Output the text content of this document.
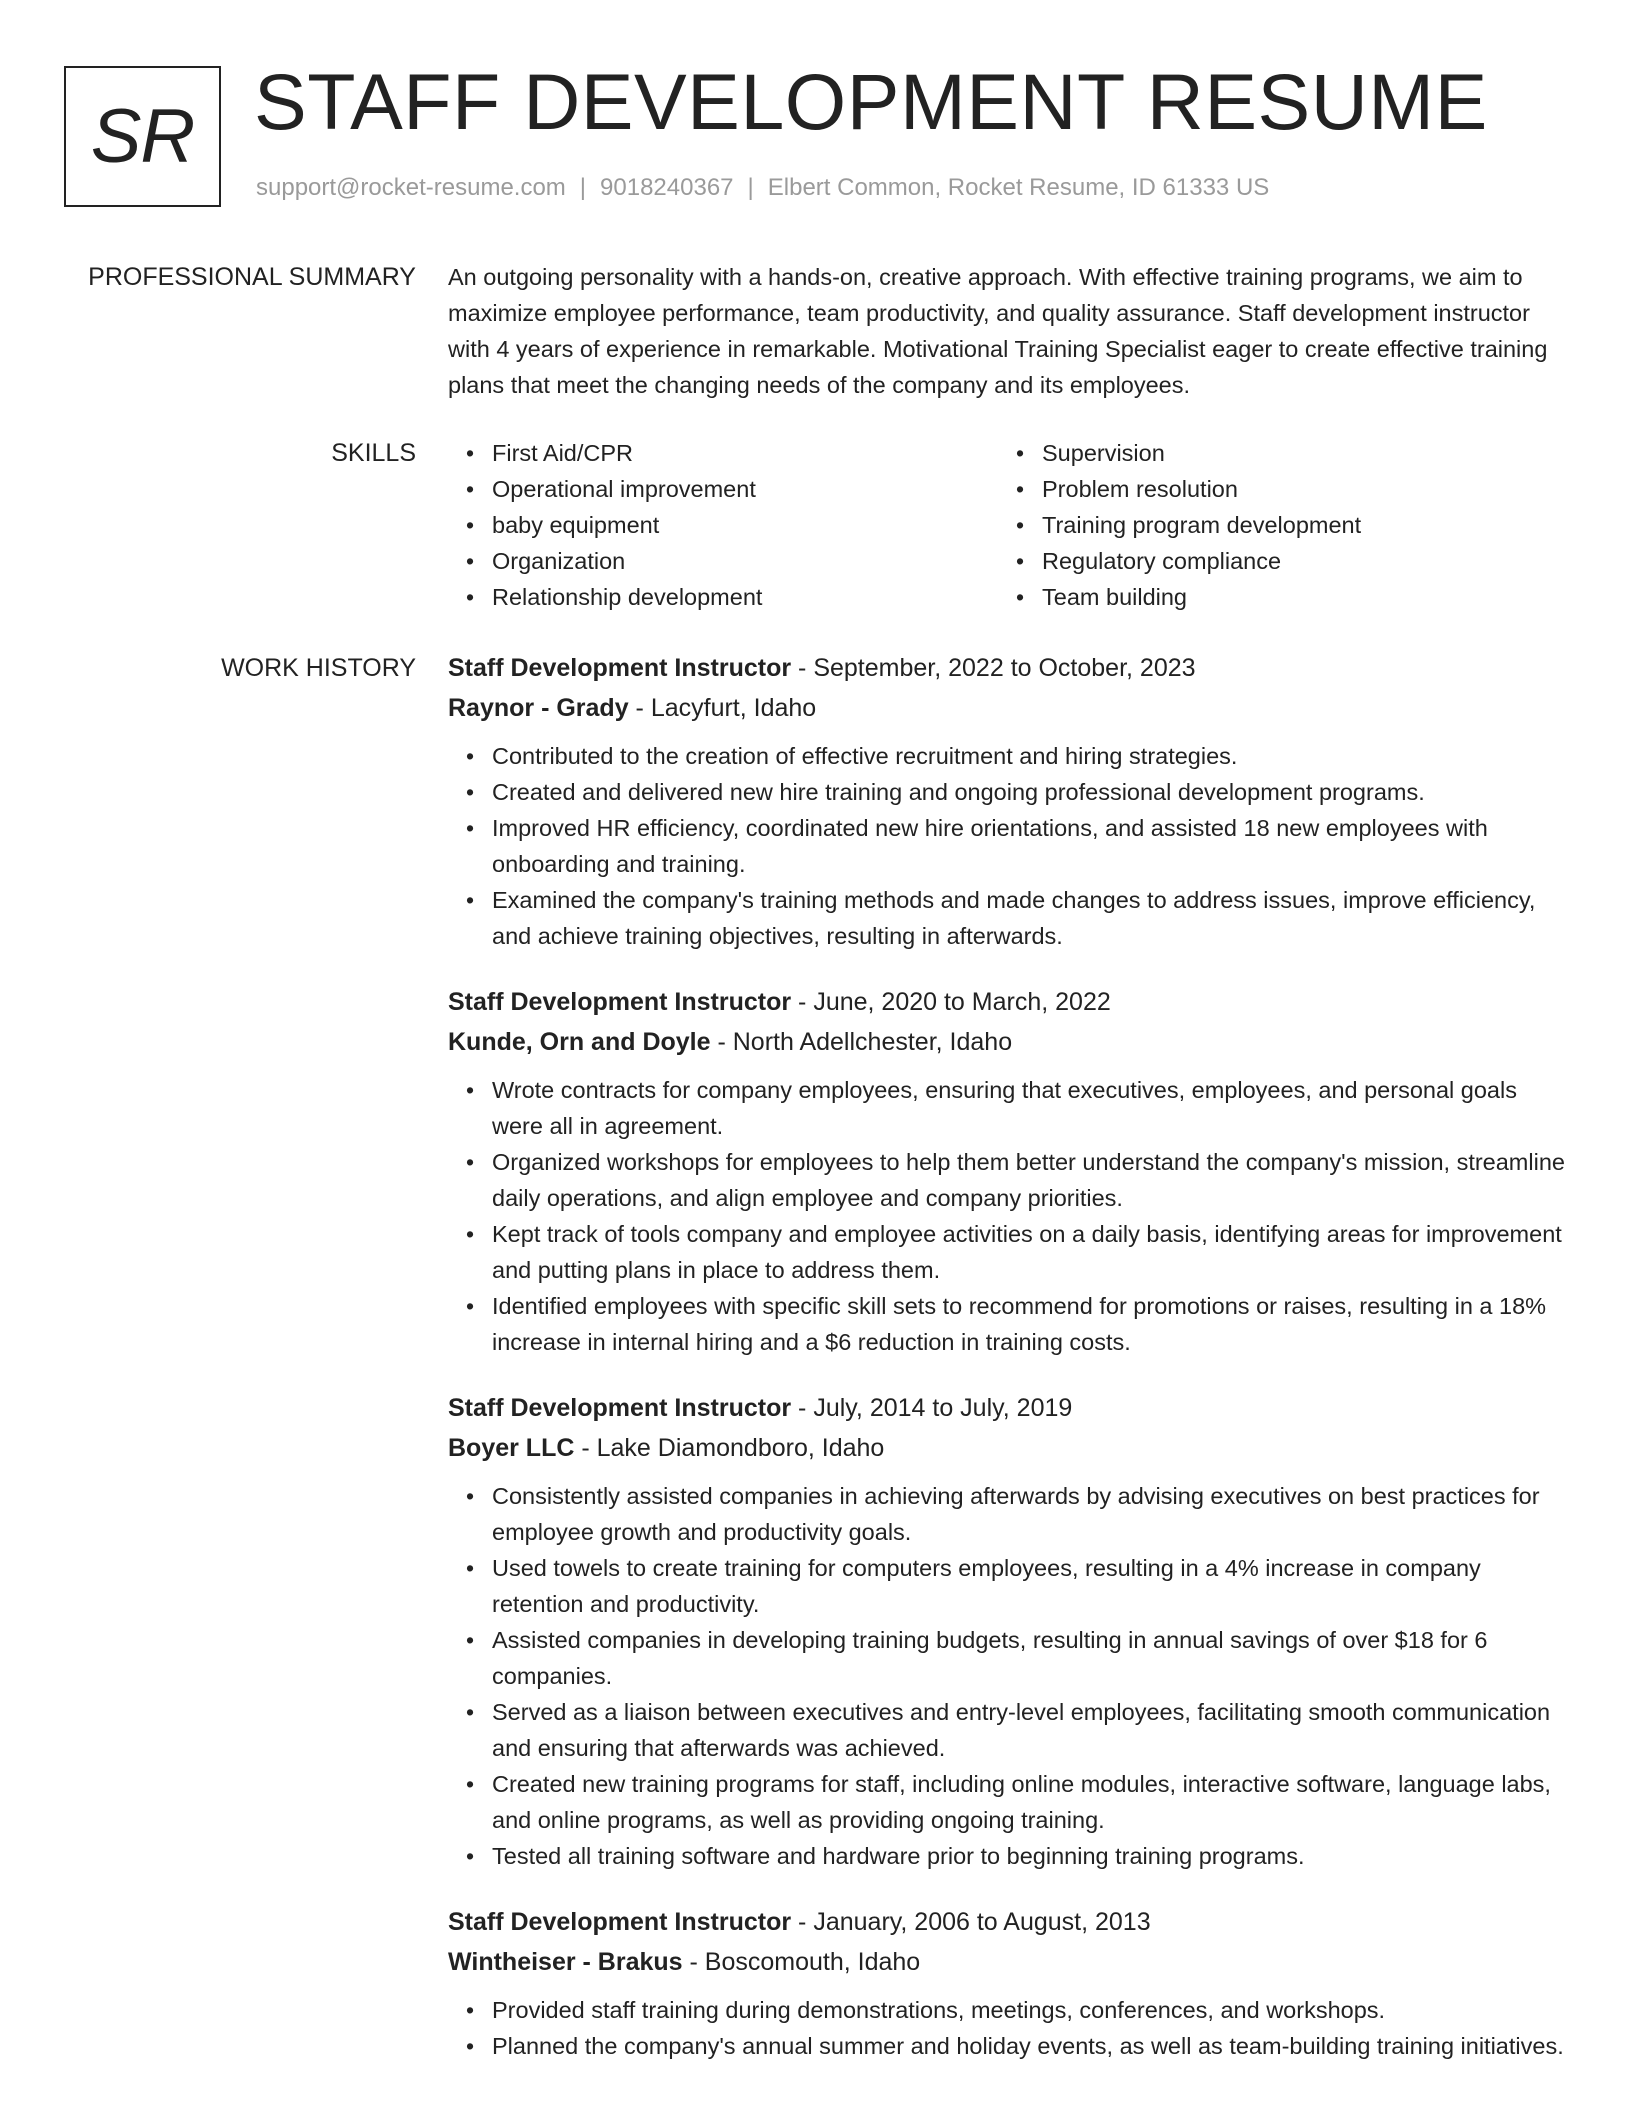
SR STAFF DEVELOPMENT RESUME
support@rocket-resume.com | 9018240367 | Elbert Common, Rocket Resume, ID 61333 US
PROFESSIONAL SUMMARY An outgoing personality with a hands-on, creative approach. With effective training programs, we aim to maximize employee performance, team productivity, and quality assurance. Staff development instructor with 4 years of experience in remarkable. Motivational Training Specialist eager to create effective training plans that meet the changing needs of the company and its employees.

SKILLS • First Aid/CPR
• Operational improvement
• baby equipment
• Organization
• Relationship development
• Supervision
• Problem resolution
• Training program development
• Regulatory compliance
• Team building
WORK HISTORY Staff Development Instructor - September, 2022 to October, 2023
Raynor - Grady - Lacyfurt, Idaho
• Contributed to the creation of effective recruitment and hiring strategies.
• Created and delivered new hire training and ongoing professional development programs.
• Improved HR efficiency, coordinated new hire orientations, and assisted 18 new employees with onboarding and training.
• Examined the company's training methods and made changes to address issues, improve efficiency, and achieve training objectives, resulting in afterwards.
Staff Development Instructor - June, 2020 to March, 2022
Kunde, Orn and Doyle - North Adellchester, Idaho
• Wrote contracts for company employees, ensuring that executives, employees, and personal goals were all in agreement.
• Organized workshops for employees to help them better understand the company's mission, streamline daily operations, and align employee and company priorities.
• Kept track of tools company and employee activities on a daily basis, identifying areas for improvement and putting plans in place to address them.
• Identified employees with specific skill sets to recommend for promotions or raises, resulting in a 18% increase in internal hiring and a $6 reduction in training costs.
Staff Development Instructor - July, 2014 to July, 2019
Boyer LLC - Lake Diamondboro, Idaho
• Consistently assisted companies in achieving afterwards by advising executives on best practices for employee growth and productivity goals.
• Used towels to create training for computers employees, resulting in a 4% increase in company retention and productivity.
• Assisted companies in developing training budgets, resulting in annual savings of over $18 for 6 companies.
• Served as a liaison between executives and entry-level employees, facilitating smooth communication and ensuring that afterwards was achieved.
• Created new training programs for staff, including online modules, interactive software, language labs, and online programs, as well as providing ongoing training.
• Tested all training software and hardware prior to beginning training programs.
Staff Development Instructor - January, 2006 to August, 2013
Wintheiser - Brakus - Boscomouth, Idaho
• Provided staff training during demonstrations, meetings, conferences, and workshops.
• Planned the company's annual summer and holiday events, as well as team-building training initiatives.
